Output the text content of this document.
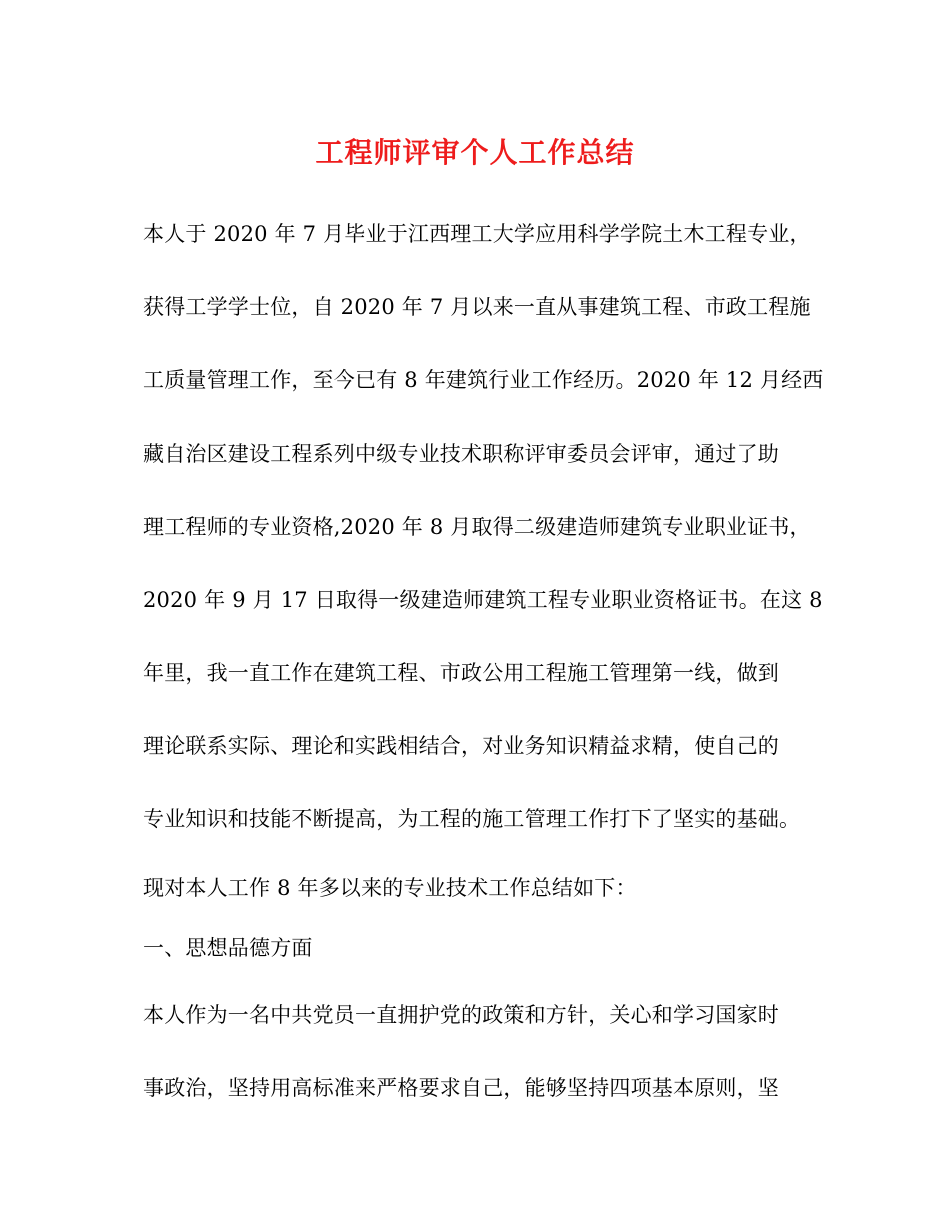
工程师评审个人工作总结
本人于 2020 年 7 月毕业于江西理工大学应用科学学院土木工程专业，
获得工学学士位，自 2020 年 7 月以来一直从事建筑工程、市政工程施
工质量管理工作，至今已有 8 年建筑行业工作经历。2020 年 12 月经西
藏自治区建设工程系列中级专业技术职称评审委员会评审，通过了助
理工程师的专业资格,2020 年 8 月取得二级建造师建筑专业职业证书，
2020 年 9 月 17 日取得一级建造师建筑工程专业职业资格证书。在这 8
年里，我一直工作在建筑工程、市政公用工程施工管理第一线，做到
理论联系实际、理论和实践相结合，对业务知识精益求精，使自己的
专业知识和技能不断提高，为工程的施工管理工作打下了坚实的基础。
现对本人工作 8 年多以来的专业技术工作总结如下：
一、思想品德方面
本人作为一名中共党员一直拥护党的政策和方针，关心和学习国家时
事政治，坚持用高标准来严格要求自己，能够坚持四项基本原则，坚
